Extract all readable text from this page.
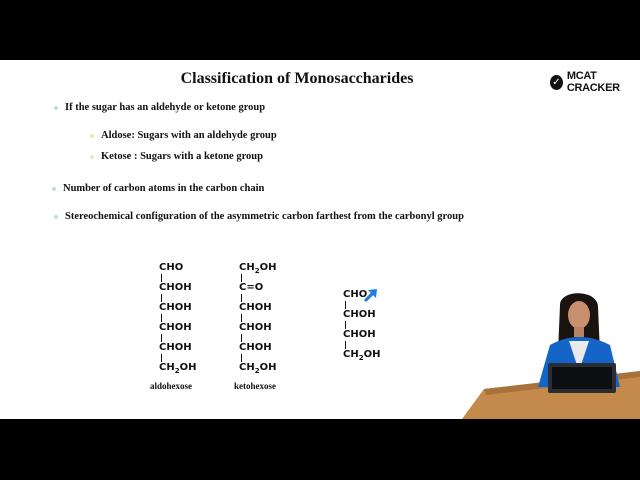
Classification of Monosaccharides	✓ MCAT CRACKER
If the sugar has an aldehyde or ketone group
Aldose: Sugars with an aldehyde group
Ketose : Sugars with a ketone group
Number of carbon atoms in the carbon chain
Stereochemical configuration of the asymmetric carbon farthest from the carbonyl group
CHO
CHOH
CHOH
CHOH
CHOH
$CH_2OH$
aldohexose
$CH_2OH$
C=O
CHOH
CHOH
CHOH
$CH_2OH$
ketohexose
CHO
CHOH
CHOH
$CH_2OH$
